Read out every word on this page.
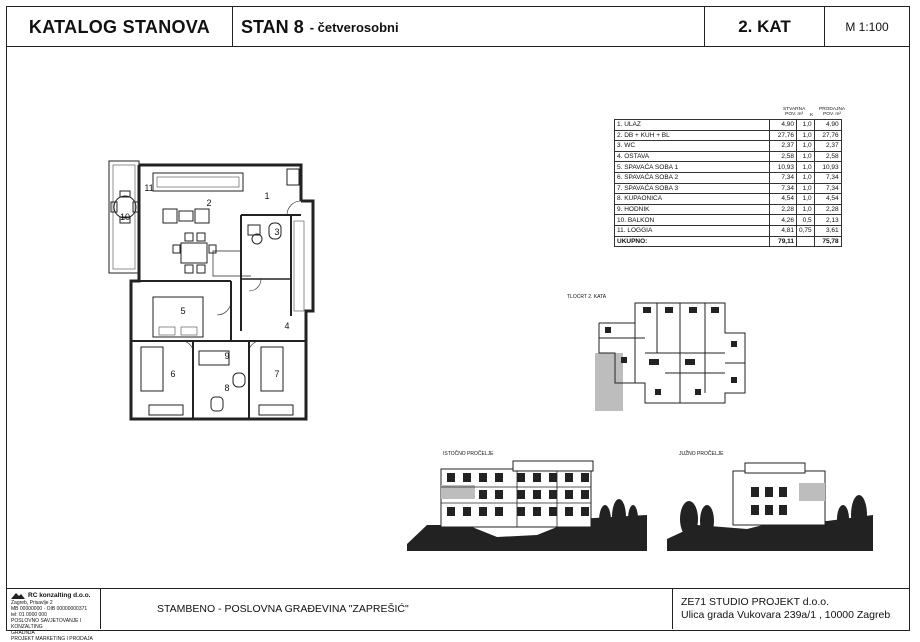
KATALOG STANOVA	STAN
8 - četverosobni	2. KAT	M 1:100
1
2
3
4
5
6	7
8
9
10
11
STVARNA
POV. m²	K
PRODAJNA
POV. m²
1. ULAZ	4,90	1,0	4,90
2. DB + KUH + BL	27,76	1,0	27,76
3. WC	2,37	1,0	2,37
4. OSTAVA	2,58	1,0	2,58
5. SPAVAĆA SOBA 1	10,93	1,0	10,93
6. SPAVAĆA SOBA 2	7,34	1,0	7,34
7. SPAVAĆA SOBA 3	7,34	1,0	7,34
8. KUPAONICA	4,54	1,0	4,54
9. HODNIK	2,28	1,0	2,28
10. BALKON	4,26	0,5	2,13
11. LOGGIA	4,81	0,75	3,61
UKUPNO:	79,11		75,78
TLOCRT 2. KATA
ISTOČNO PROČELJE	JUŽNO PROČELJE
RC konzalting d.o.o.
Zagreb, Prisavlje 2
MB 00000000 · OIB 00000000371
tel: 01 0000 000
POSLOVNO SAVJETOVANJE I KONZALTING
GRADNJA
PROJEKT MARKETING I PRODAJA
STAMBENO - POSLOVNA GRAĐEVINA "ZAPREŠIĆ"
ZE71 STUDIO PROJEKT d.o.o.
Ulica grada Vukovara 239a/1 , 10000 Zagreb
